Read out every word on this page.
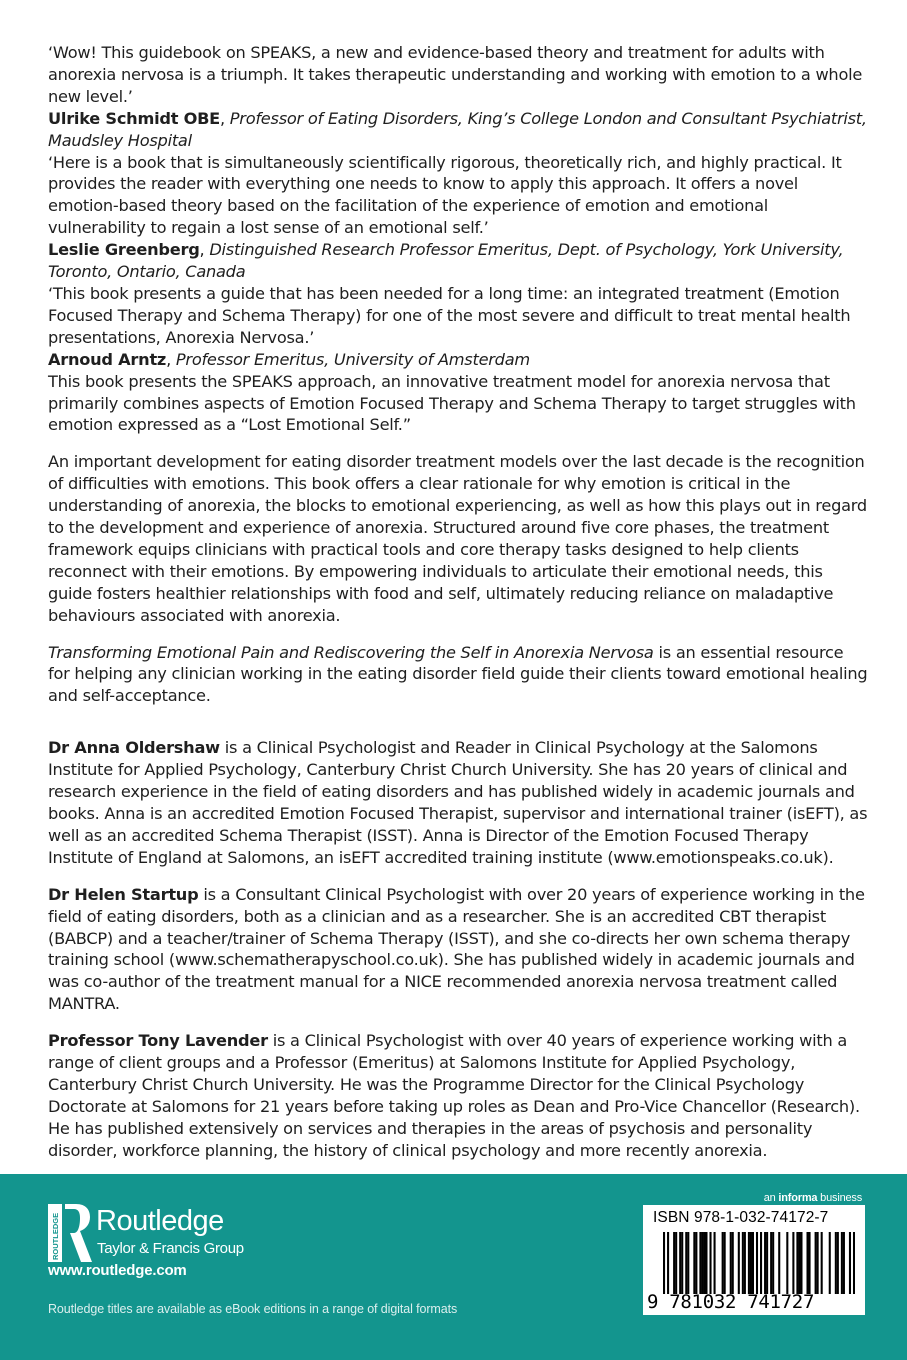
‘Wow! This guidebook on SPEAKS, a new and evidence-based theory and treatment for adults with anorexia nervosa is a triumph. It takes therapeutic understanding and working with emotion to a whole new level.’
Ulrike Schmidt OBE, Professor of Eating Disorders, King’s College London and Consultant Psychiatrist, Maudsley Hospital

‘Here is a book that is simultaneously scientifically rigorous, theoretically rich, and highly practical. It provides the reader with everything one needs to know to apply this approach. It offers a novel emotion-based theory based on the facilitation of the experience of emotion and emotional vulnerability to regain a lost sense of an emotional self.’
Leslie Greenberg, Distinguished Research Professor Emeritus, Dept. of Psychology, York University, Toronto, Ontario, Canada

‘This book presents a guide that has been needed for a long time: an integrated treatment (Emotion Focused Therapy and Schema Therapy) for one of the most severe and difficult to treat mental health presentations, Anorexia Nervosa.’
Arnoud Arntz, Professor Emeritus, University of Amsterdam

This book presents the SPEAKS approach, an innovative treatment model for anorexia nervosa that primarily combines aspects of Emotion Focused Therapy and Schema Therapy to target struggles with emotion expressed as a “Lost Emotional Self.”

An important development for eating disorder treatment models over the last decade is the recognition of difficulties with emotions. This book offers a clear rationale for why emotion is critical in the understanding of anorexia, the blocks to emotional experiencing, as well as how this plays out in regard to the development and experience of anorexia. Structured around five core phases, the treatment framework equips clinicians with practical tools and core therapy tasks designed to help clients reconnect with their emotions. By empowering individuals to articulate their emotional needs, this guide fosters healthier relationships with food and self, ultimately reducing reliance on maladaptive behaviours associated with anorexia.

Transforming Emotional Pain and Rediscovering the Self in Anorexia Nervosa is an essential resource for helping any clinician working in the eating disorder field guide their clients toward emotional healing and self-acceptance.

Dr Anna Oldershaw is a Clinical Psychologist and Reader in Clinical Psychology at the Salomons Institute for Applied Psychology, Canterbury Christ Church University. She has 20 years of clinical and research experience in the field of eating disorders and has published widely in academic journals and books. Anna is an accredited Emotion Focused Therapist, supervisor and international trainer (isEFT), as well as an accredited Schema Therapist (ISST). Anna is Director of the Emotion Focused Therapy Institute of England at Salomons, an isEFT accredited training institute (www.emotionspeaks.co.uk).

Dr Helen Startup is a Consultant Clinical Psychologist with over 20 years of experience working in the field of eating disorders, both as a clinician and as a researcher. She is an accredited CBT therapist (BABCP) and a teacher/trainer of Schema Therapy (ISST), and she co-directs her own schema therapy training school (www.schematherapyschool.co.uk). She has published widely in academic journals and was co-author of the treatment manual for a NICE recommended anorexia nervosa treatment called MANTRA.

Professor Tony Lavender is a Clinical Psychologist with over 40 years of experience working with a range of client groups and a Professor (Emeritus) at Salomons Institute for Applied Psychology, Canterbury Christ Church University. He was the Programme Director for the Clinical Psychology Doctorate at Salomons for 21 years before taking up roles as Dean and Pro-Vice Chancellor (Research). He has published extensively on services and therapies in the areas of psychosis and personality disorder, workforce planning, the history of clinical psychology and more recently anorexia.

ROUTLEDGE Routledge
Taylor & Francis Group
www.routledge.com
Routledge titles are available as eBook editions in a range of digital formats
an informa business
ISBN 978-1-032-74172-7
9 781032 741727
